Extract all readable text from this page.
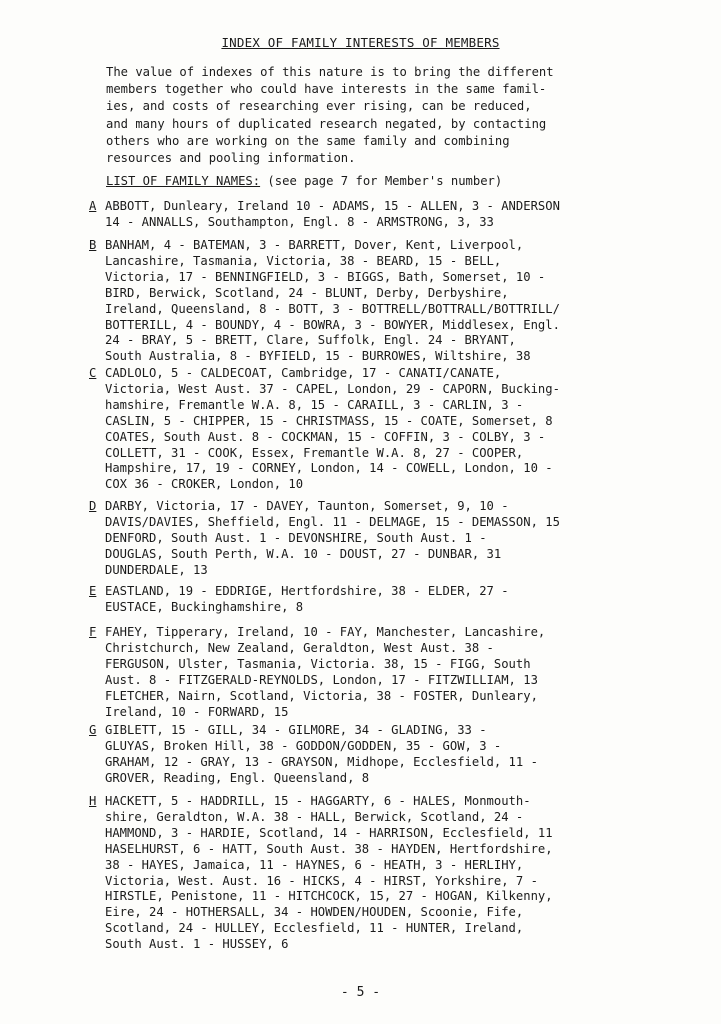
INDEX OF FAMILY INTERESTS OF MEMBERS
The value of indexes of this nature is to bring the different
members together who could have interests in the same famil-
ies, and costs of researching ever rising, can be reduced,
and many hours of duplicated research negated, by contacting
others who are working on the same family and combining
resources and pooling information.
LIST OF FAMILY NAMES: (see page 7 for Member's number)
A ABBOTT, Dunleary, Ireland 10 - ADAMS, 15 - ALLEN, 3 - ANDERSON
14 - ANNALLS, Southampton, Engl. 8 - ARMSTRONG, 3, 33
B BANHAM, 4 - BATEMAN, 3 - BARRETT, Dover, Kent, Liverpool,
Lancashire, Tasmania, Victoria, 38 - BEARD, 15 - BELL,
Victoria, 17 - BENNINGFIELD, 3 - BIGGS, Bath, Somerset, 10 -
BIRD, Berwick, Scotland, 24 - BLUNT, Derby, Derbyshire,
Ireland, Queensland, 8 - BOTT, 3 - BOTTRELL/BOTTRALL/BOTTRILL/
BOTTERILL, 4 - BOUNDY, 4 - BOWRA, 3 - BOWYER, Middlesex, Engl.
24 - BRAY, 5 - BRETT, Clare, Suffolk, Engl. 24 - BRYANT,
South Australia, 8 - BYFIELD, 15 - BURROWES, Wiltshire, 38
C CADLOLO, 5 - CALDECOAT, Cambridge, 17 - CANATI/CANATE,
Victoria, West Aust. 37 - CAPEL, London, 29 - CAPORN, Bucking-
hamshire, Fremantle W.A. 8, 15 - CARAILL, 3 - CARLIN, 3 -
CASLIN, 5 - CHIPPER, 15 - CHRISTMASS, 15 - COATE, Somerset, 8
COATES, South Aust. 8 - COCKMAN, 15 - COFFIN, 3 - COLBY, 3 -
COLLETT, 31 - COOK, Essex, Fremantle W.A. 8, 27 - COOPER,
Hampshire, 17, 19 - CORNEY, London, 14 - COWELL, London, 10 -
COX 36 - CROKER, London, 10
D DARBY, Victoria, 17 - DAVEY, Taunton, Somerset, 9, 10 -
DAVIS/DAVIES, Sheffield, Engl. 11 - DELMAGE, 15 - DEMASSON, 15
DENFORD, South Aust. 1 - DEVONSHIRE, South Aust. 1 -
DOUGLAS, South Perth, W.A. 10 - DOUST, 27 - DUNBAR, 31
DUNDERDALE, 13
E EASTLAND, 19 - EDDRIGE, Hertfordshire, 38 - ELDER, 27 -
EUSTACE, Buckinghamshire, 8
F FAHEY, Tipperary, Ireland, 10 - FAY, Manchester, Lancashire,
Christchurch, New Zealand, Geraldton, West Aust. 38 -
FERGUSON, Ulster, Tasmania, Victoria. 38, 15 - FIGG, South
Aust. 8 - FITZGERALD-REYNOLDS, London, 17 - FITZWILLIAM, 13
FLETCHER, Nairn, Scotland, Victoria, 38 - FOSTER, Dunleary,
Ireland, 10 - FORWARD, 15
G GIBLETT, 15 - GILL, 34 - GILMORE, 34 - GLADING, 33 -
GLUYAS, Broken Hill, 38 - GODDON/GODDEN, 35 - GOW, 3 -
GRAHAM, 12 - GRAY, 13 - GRAYSON, Midhope, Ecclesfield, 11 -
GROVER, Reading, Engl. Queensland, 8
H HACKETT, 5 - HADDRILL, 15 - HAGGARTY, 6 - HALES, Monmouth-
shire, Geraldton, W.A. 38 - HALL, Berwick, Scotland, 24 -
HAMMOND, 3 - HARDIE, Scotland, 14 - HARRISON, Ecclesfield, 11
HASELHURST, 6 - HATT, South Aust. 38 - HAYDEN, Hertfordshire,
38 - HAYES, Jamaica, 11 - HAYNES, 6 - HEATH, 3 - HERLIHY,
Victoria, West. Aust. 16 - HICKS, 4 - HIRST, Yorkshire, 7 -
HIRSTLE, Penistone, 11 - HITCHCOCK, 15, 27 - HOGAN, Kilkenny,
Eire, 24 - HOTHERSALL, 34 - HOWDEN/HOUDEN, Scoonie, Fife,
Scotland, 24 - HULLEY, Ecclesfield, 11 - HUNTER, Ireland,
South Aust. 1 - HUSSEY, 6
- 5 -
